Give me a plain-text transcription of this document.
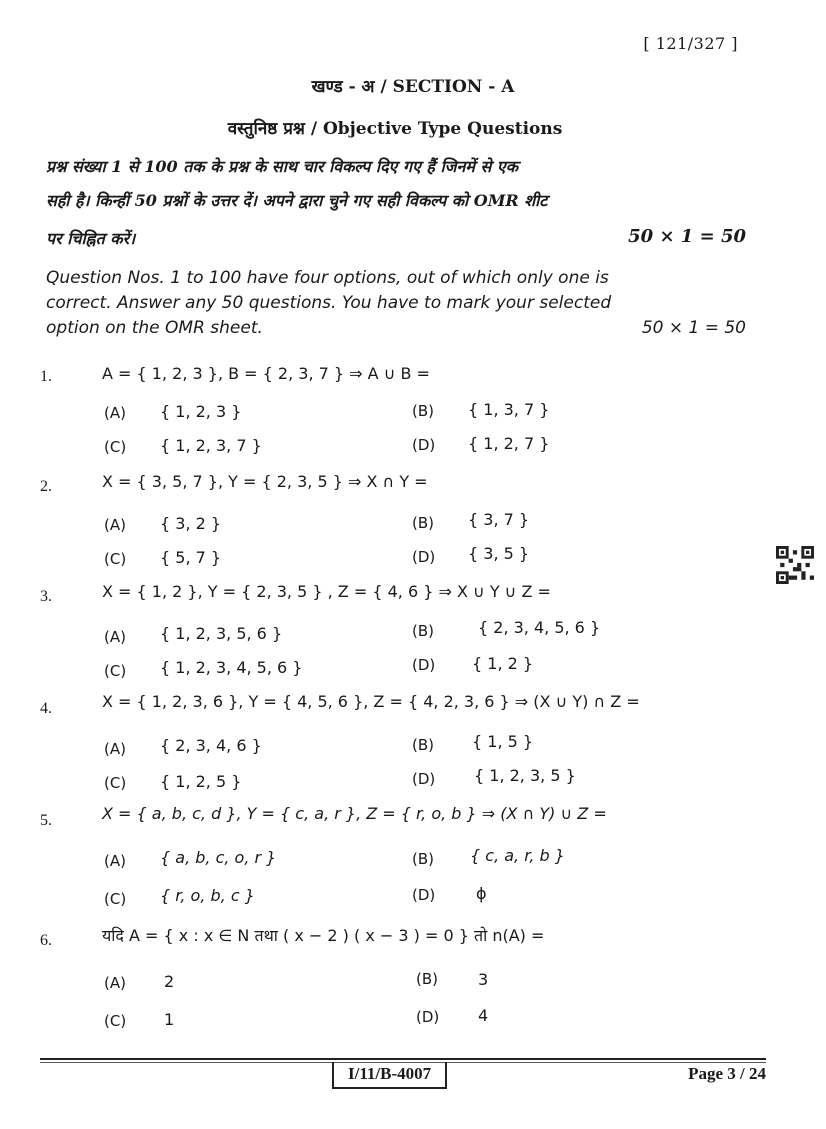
[ 121/327 ]
खण्ड - अ / SECTION - A
वस्तुनिष्ठ प्रश्न / Objective Type Questions
प्रश्न संख्या 1 से 100 तक के प्रश्न के साथ चार विकल्प दिए गए हैं जिनमें से एक
सही है। किन्हीं 50 प्रश्नों के उत्तर दें। अपने द्वारा चुने गए सही विकल्प को OMR शीट
पर चिह्नित करें।	50 × 1 = 50
Question Nos. 1 to 100 have four options, out of which only one is
correct. Answer any 50 questions. You have to mark your selected
option on the OMR sheet.	50 × 1 = 50
1.	A = { 1, 2, 3 }, B = { 2, 3, 7 } ⇒ A ∪ B =
(A) { 1, 2, 3 }	(B) { 1, 3, 7 }
(C) { 1, 2, 3, 7 }	(D) { 1, 2, 7 }
2.	X = { 3, 5, 7 }, Y = { 2, 3, 5 } ⇒ X ∩ Y =
(A) { 3, 2 }	(B) { 3, 7 }
(C) { 5, 7 }	(D) { 3, 5 }
3.	X = { 1, 2 }, Y = { 2, 3, 5 } , Z = { 4, 6 } ⇒ X ∪ Y ∪ Z =
(A) { 1, 2, 3, 5, 6 }	(B)	{ 2, 3, 4, 5, 6 }
(C) { 1, 2, 3, 4, 5, 6 }	(D) { 1, 2 }
4.	X = { 1, 2, 3, 6 }, Y = { 4, 5, 6 }, Z = { 4, 2, 3, 6 } ⇒ (X ∪ Y) ∩ Z =
(A) { 2, 3, 4, 6 }	(B) { 1, 5 }
(C) { 1, 2, 5 }	(D) { 1, 2, 3, 5 }
5.	X = { a, b, c, d }, Y = { c, a, r }, Z = { r, o, b } ⇒ (X ∩ Y) ∪ Z =
(A) { a, b, c, o, r }	(B) { c, a, r, b }
(C) { r, o, b, c }	(D)	ϕ
6.	यदि A = { x : x ∈ N तथा ( x − 2 ) ( x − 3 ) = 0 } तो n(A) =
(A) 2	(B)	3
(C) 1	(D) 4
I/11/B-4007	Page 3 / 24
